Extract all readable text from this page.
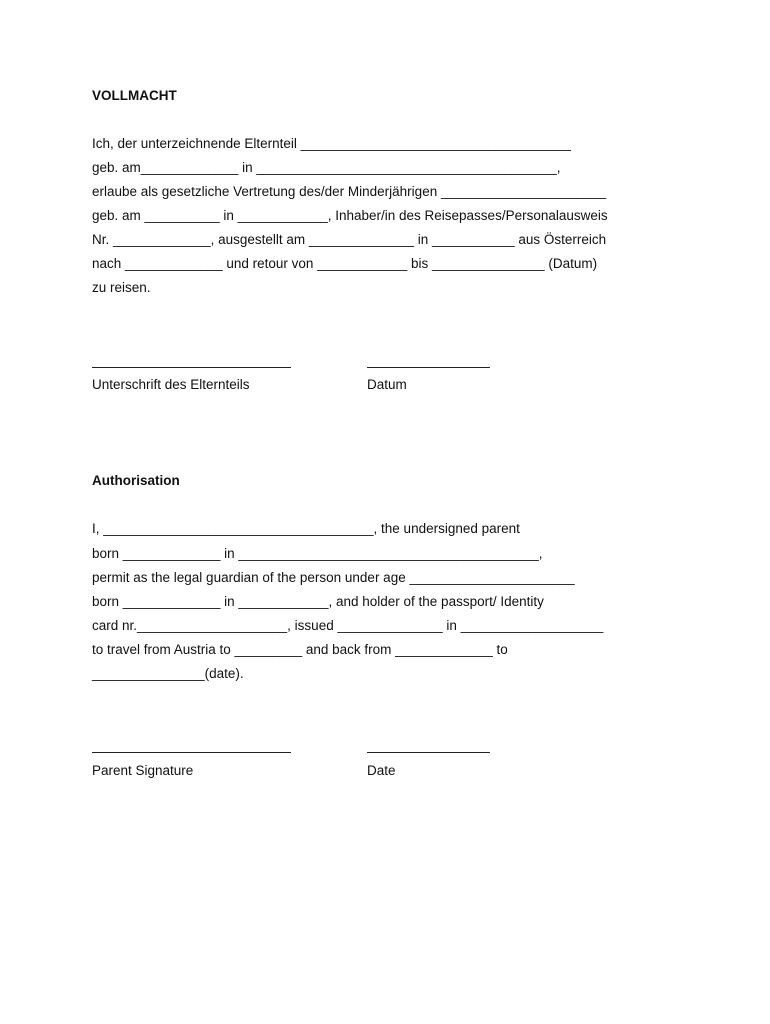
VOLLMACHT
Ich, der unterzeichnende Elternteil ____________________________________
geb. am_____________ in ________________________________________,
erlaube als gesetzliche Vertretung des/der Minderjährigen ______________________
geb. am __________ in ____________, Inhaber/in des Reisepasses/Personalausweis
Nr. _____________, ausgestellt am ______________ in ___________ aus Österreich
nach _____________ und retour von ____________ bis _______________ (Datum)
zu reisen.
Unterschrift des Elternteils	Datum
Authorisation
I, ____________________________________, the undersigned parent
born _____________ in ________________________________________,
permit as the legal guardian of the person under age ______________________
born _____________ in ____________, and holder of the passport/ Identity
card nr.____________________, issued ______________ in ___________________
to travel from Austria to _________ and back from _____________ to
_______________(date).
Parent Signature	Date
